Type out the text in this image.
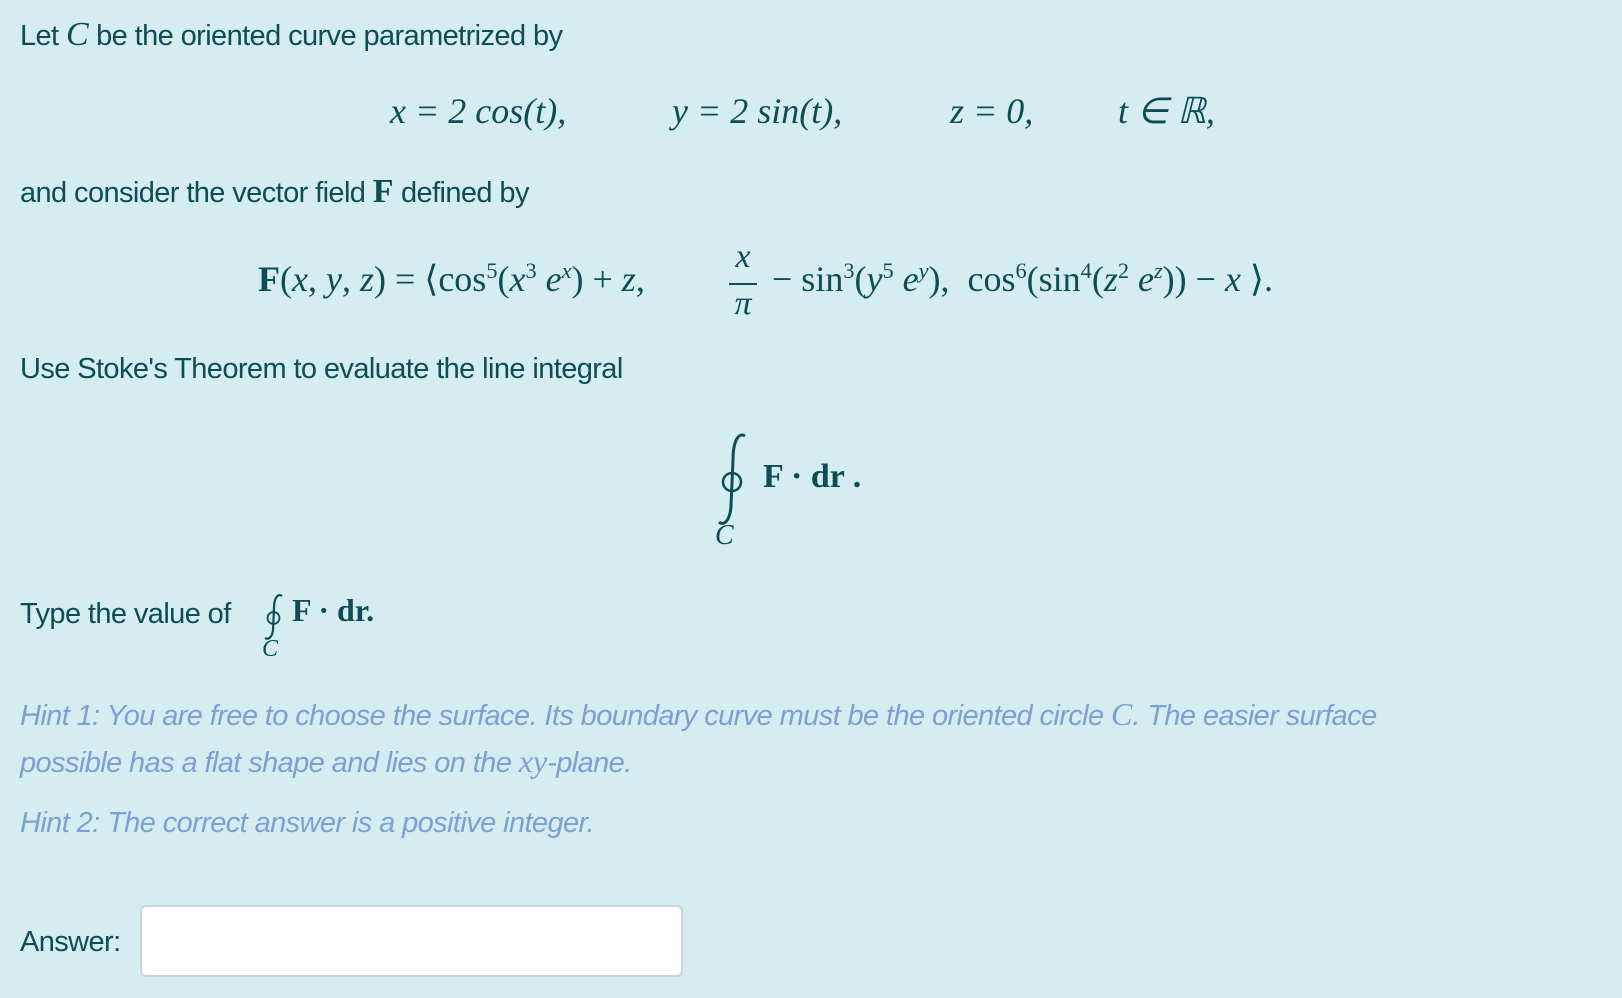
Let C be the oriented curve parametrized by
x = 2 cos(t),	y = 2 sin(t),	z = 0, t ∈ ℝ,
and consider the vector field F defined by
F(x, y, $z) = ⟨\cos^5(x^3$ $e^x) + z$,
x
π
− $\sin^3(y^5$ $e^y$),  $\cos^6(\sin^4(z^2$ $e^z)) - x$ ⟩.
Use Stoke's Theorem to evaluate the line integral
F · dr .
C
Type the value of F · dr.
C
Hint 1: You are free to choose the surface. Its boundary curve must be the oriented circle C. The easier surface
possible has a flat shape and lies on the xy-plane.
Hint 2: The correct answer is a positive integer.
Answer:
